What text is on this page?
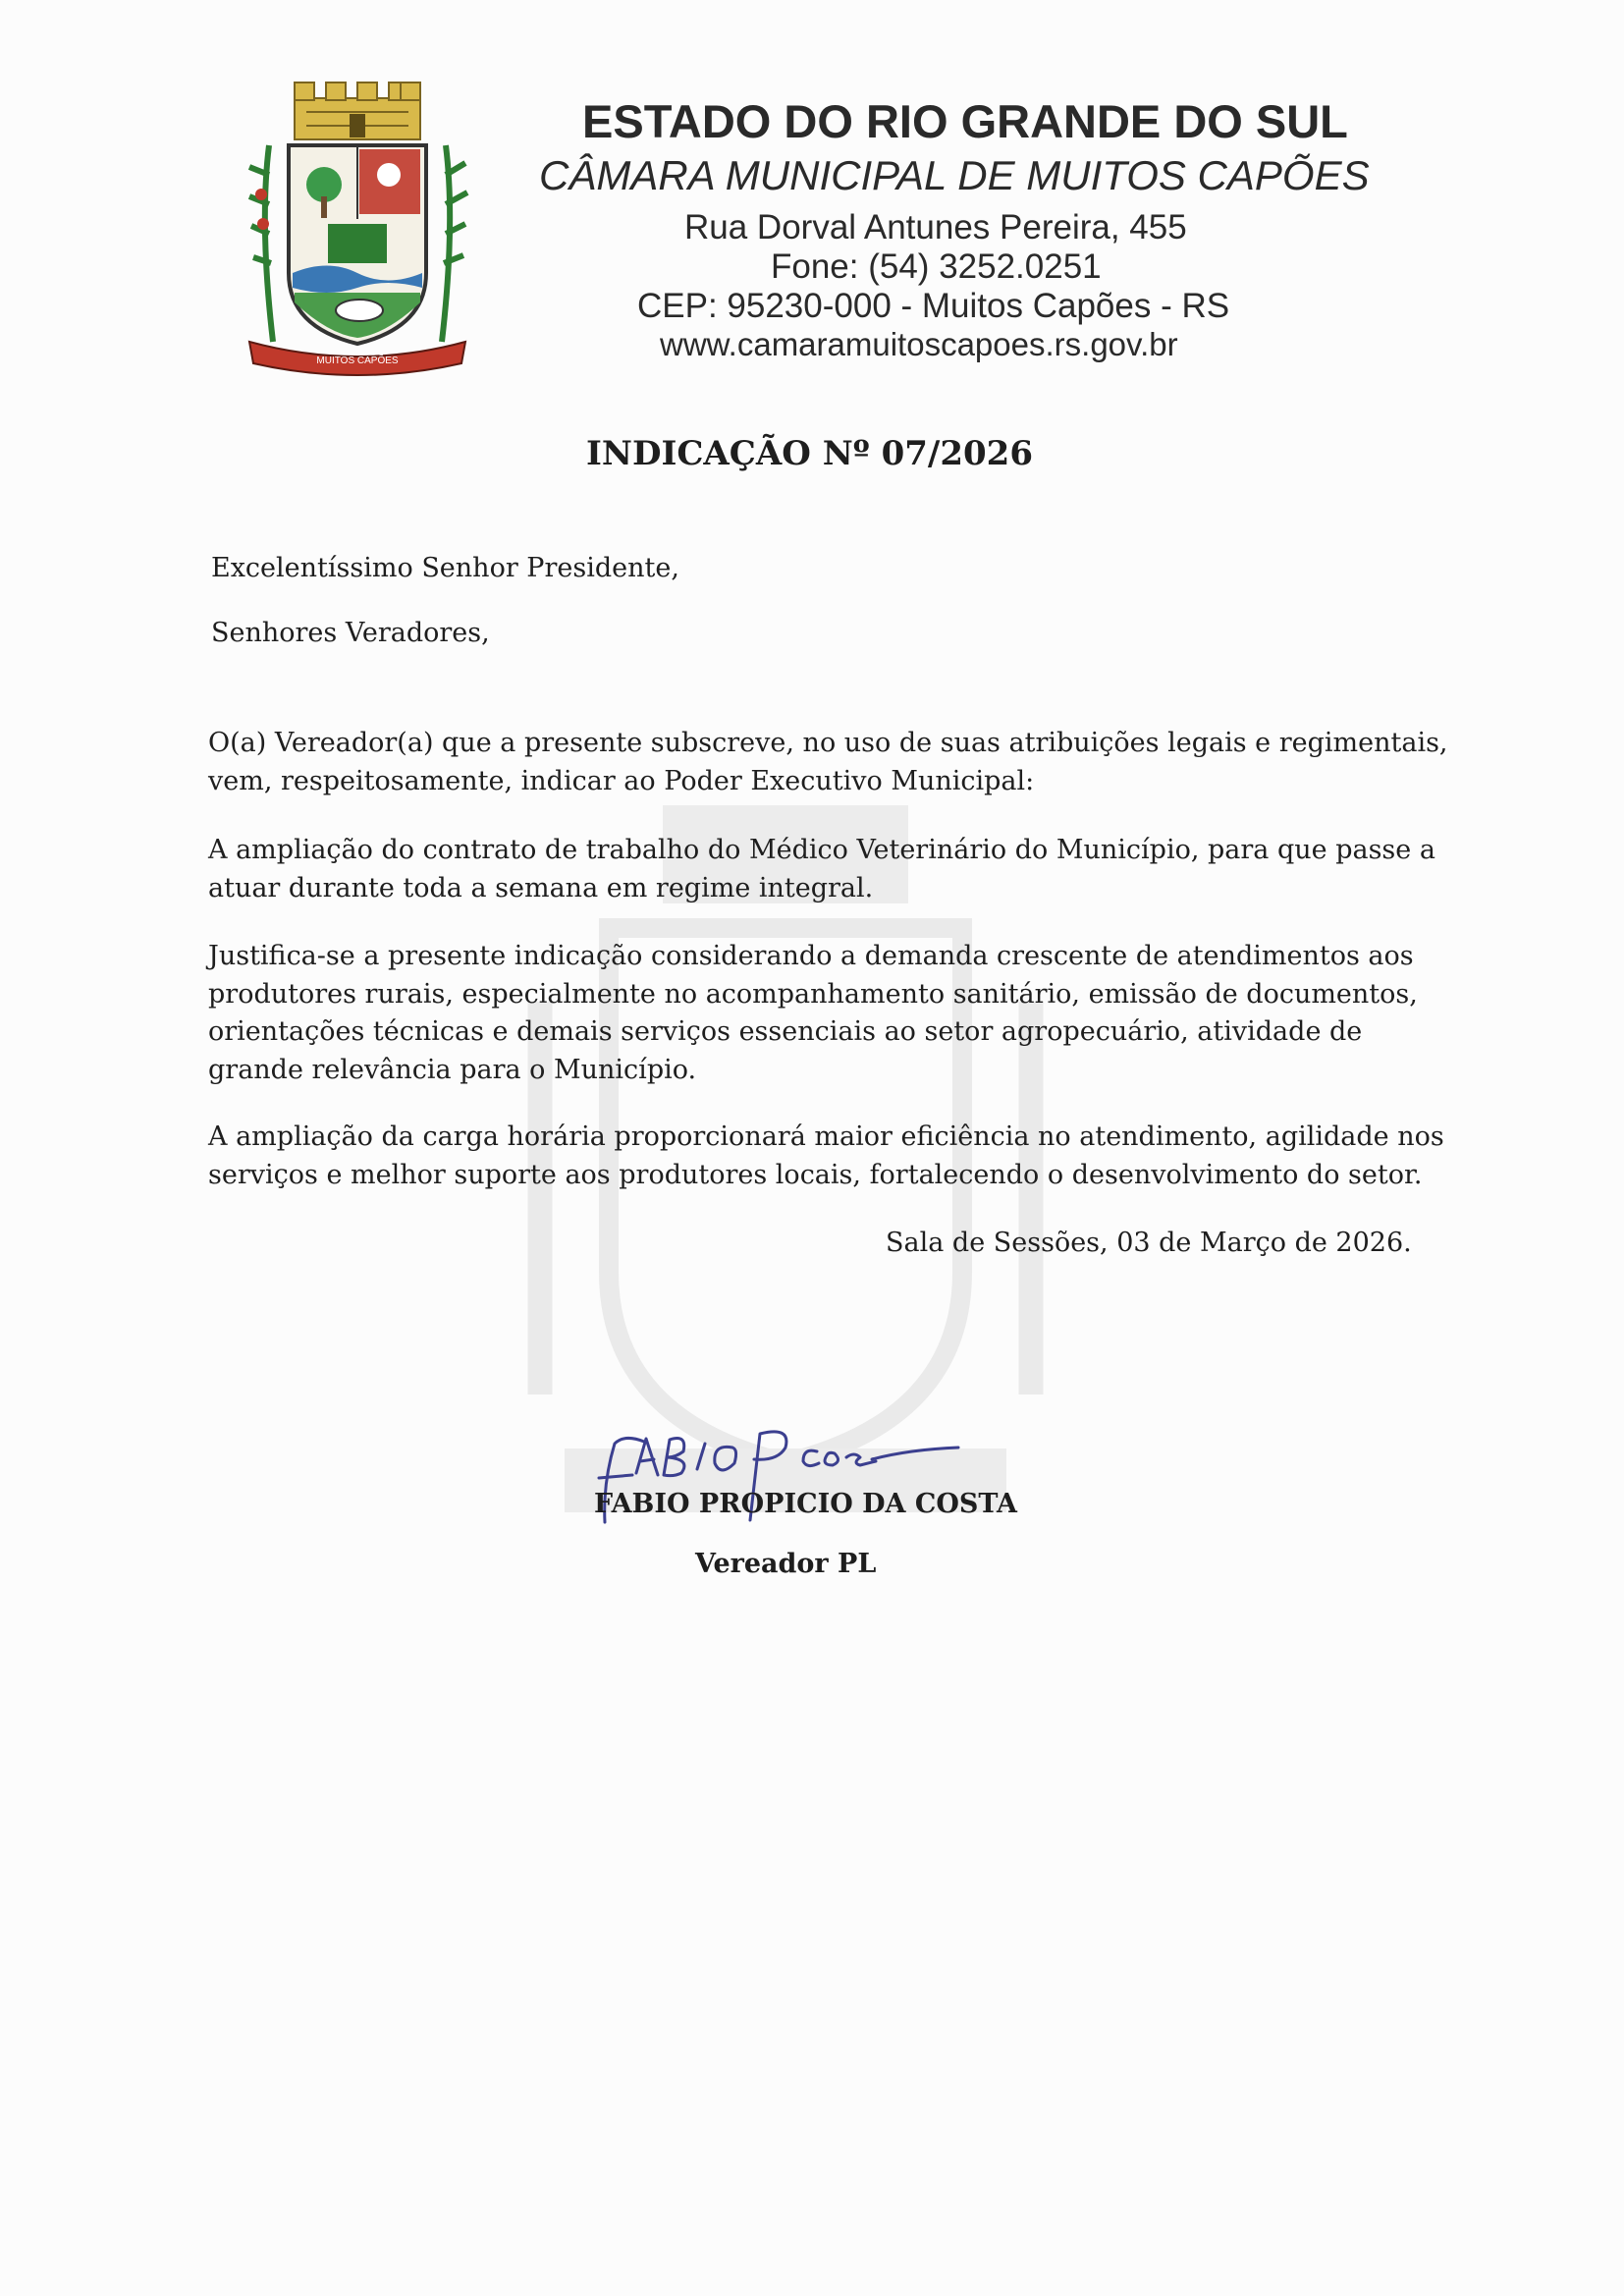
MUITOS CAPÕES
ESTADO DO RIO GRANDE DO SUL
CÂMARA MUNICIPAL DE MUITOS CAPÕES
Rua Dorval Antunes Pereira, 455
Fone: (54) 3252.0251
CEP: 95230-000 - Muitos Capões - RS
www.camaramuitoscapoes.rs.gov.br
INDICAÇÃO Nº 07/2026
Excelentíssimo Senhor Presidente,
Senhores Veradores,
O(a) Vereador(a) que a presente subscreve, no uso de suas atribuições legais e regimentais,
vem, respeitosamente, indicar ao Poder Executivo Municipal:
A ampliação do contrato de trabalho do Médico Veterinário do Município, para que passe a
atuar durante toda a semana em regime integral.
Justifica-se a presente indicação considerando a demanda crescente de atendimentos aos
produtores rurais, especialmente no acompanhamento sanitário, emissão de documentos,
orientações técnicas e demais serviços essenciais ao setor agropecuário, atividade de
grande relevância para o Município.
A ampliação da carga horária proporcionará maior eficiência no atendimento, agilidade nos
serviços e melhor suporte aos produtores locais, fortalecendo o desenvolvimento do setor.
Sala de Sessões, 03 de Março de 2026.
FABIO PROPICIO DA COSTA
Vereador PL
